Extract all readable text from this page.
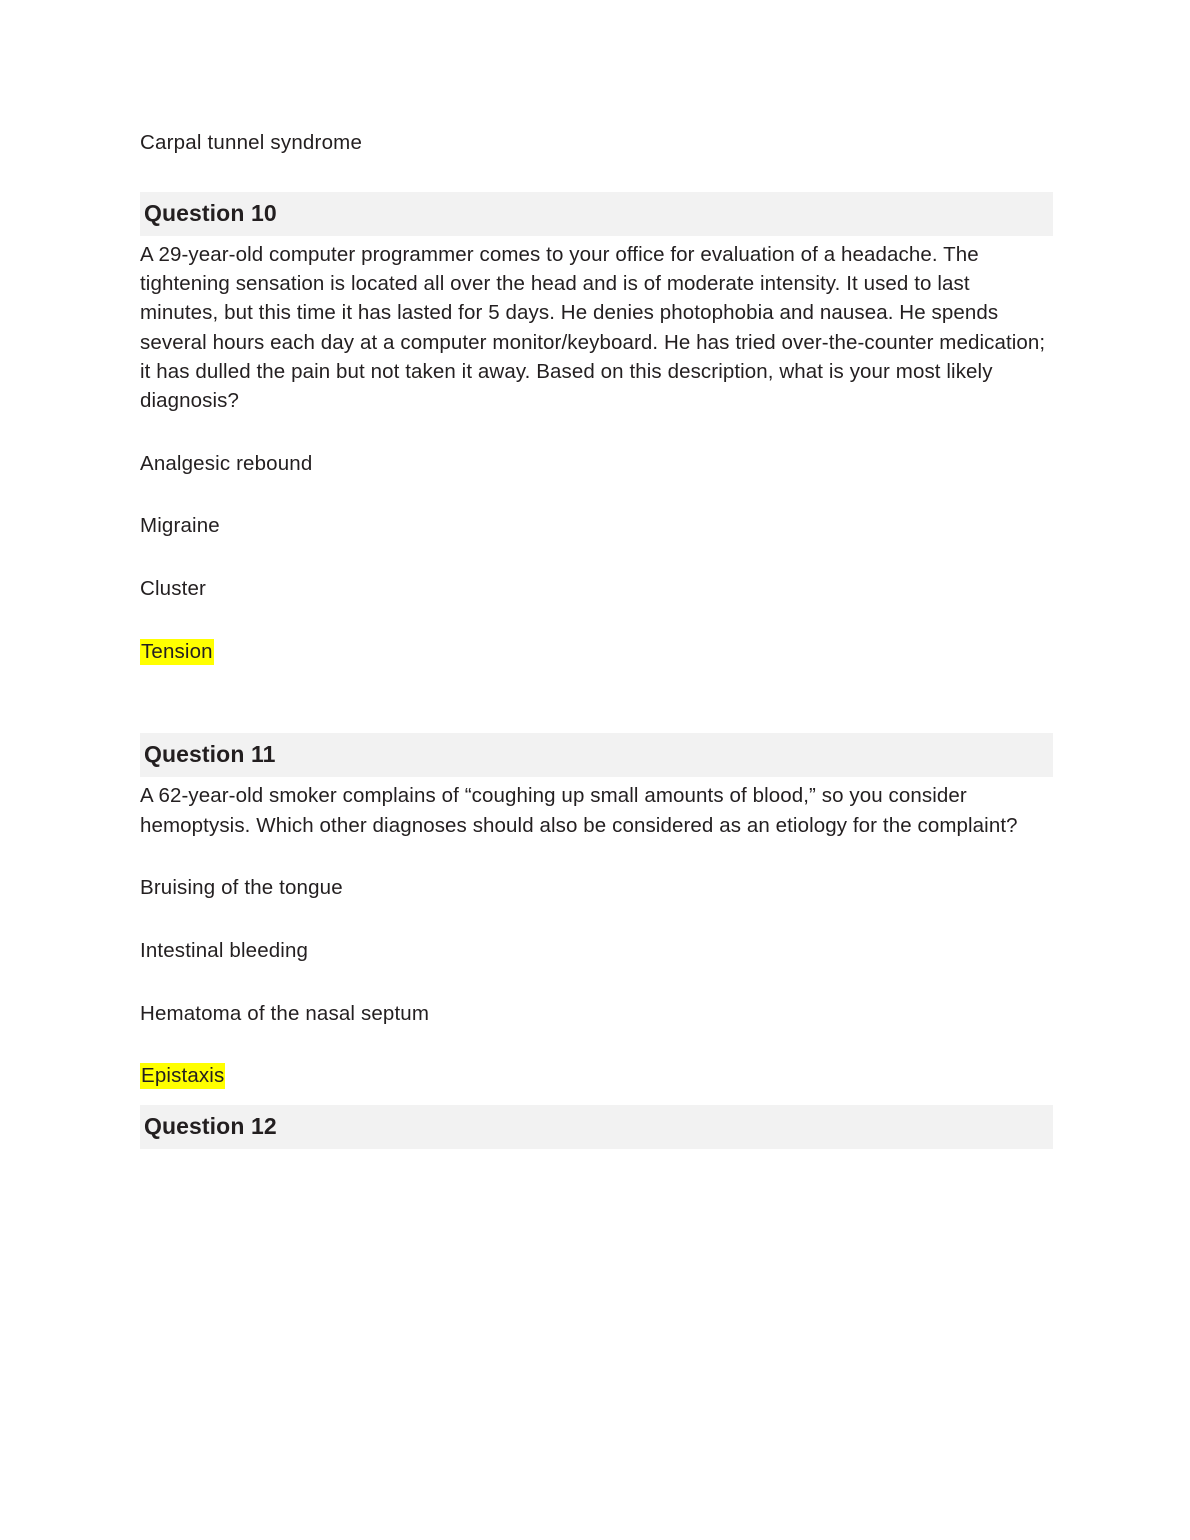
Carpal tunnel syndrome

Question 10

A 29-year-old computer programmer comes to your office for evaluation of a headache. The tightening sensation is located all over the head and is of moderate intensity. It used to last minutes, but this time it has lasted for 5 days. He denies photophobia and nausea. He spends several hours each day at a computer monitor/keyboard. He has tried over-the-counter medication; it has dulled the pain but not taken it away. Based on this description, what is your most likely diagnosis?

Analgesic rebound

Migraine

Cluster

Tension

Question 11

A 62-year-old smoker complains of “coughing up small amounts of blood,” so you consider hemoptysis. Which other diagnoses should also be considered as an etiology for the complaint?

Bruising of the tongue

Intestinal bleeding

Hematoma of the nasal septum

Epistaxis

Question 12
